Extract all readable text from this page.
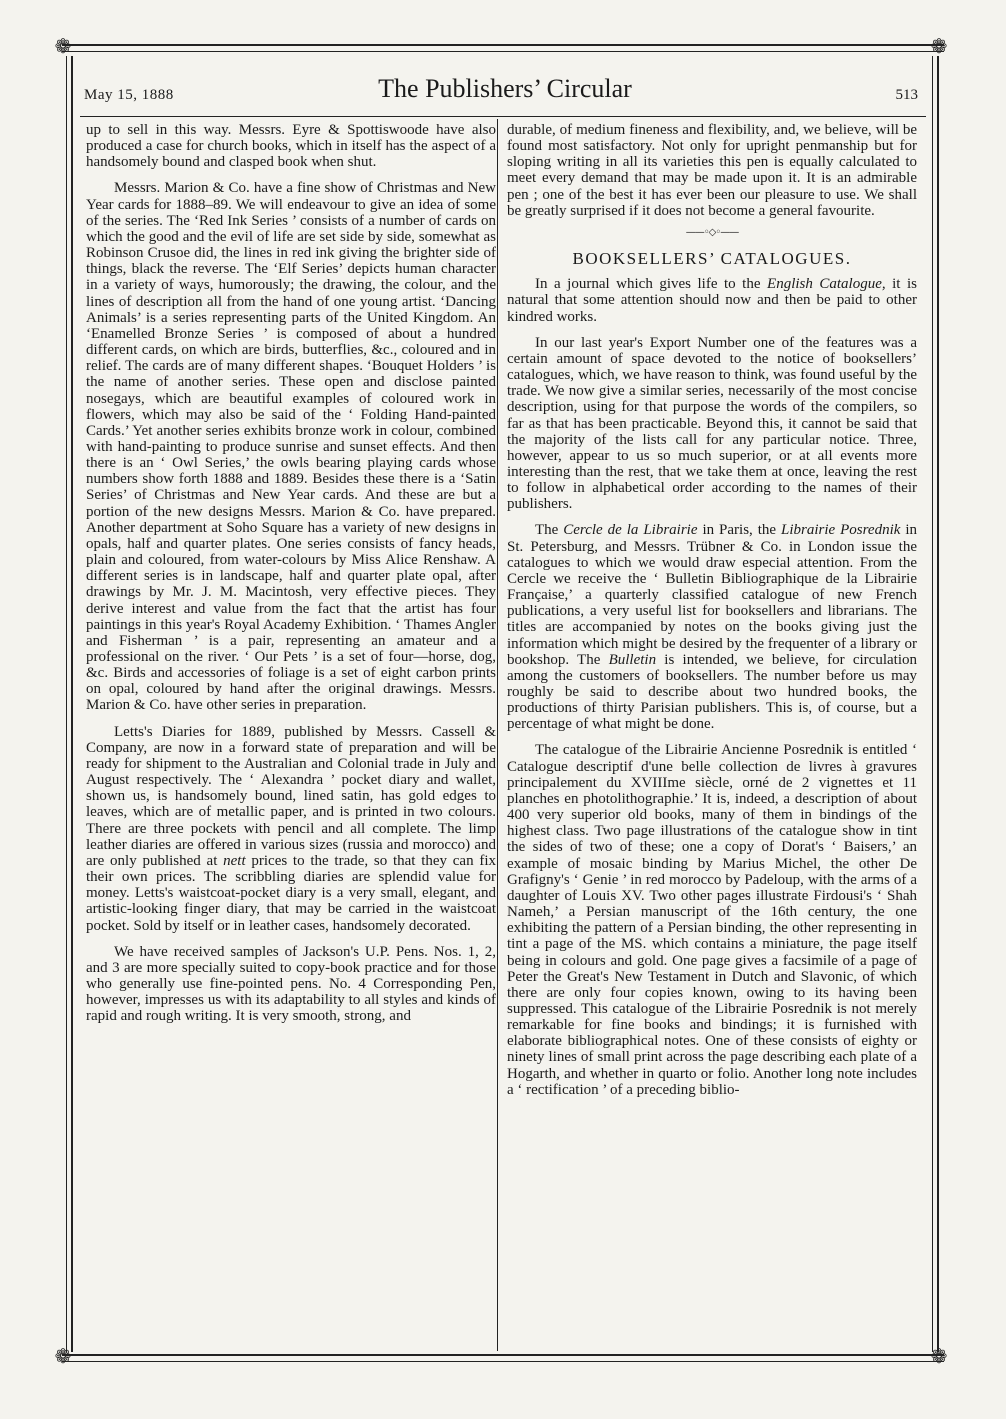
❁	❁
❁	❁
May 15, 1888	The Publishers’ Circular	513

up to sell in this way. Messrs. Eyre & Spottiswoode have also produced a case for church books, which in itself has the aspect of a handsomely bound and clasped book when shut.

Messrs. Marion & Co. have a fine show of Christmas and New Year cards for 1888–89. We will endeavour to give an idea of some of the series. The ‘Red Ink Series ’ consists of a number of cards on which the good and the evil of life are set side by side, somewhat as Robinson Crusoe did, the lines in red ink giving the brighter side of things, black the reverse. The ‘Elf Series’ depicts human character in a variety of ways, humorously; the drawing, the colour, and the lines of description all from the hand of one young artist. ‘Dancing Animals’ is a series representing parts of the United Kingdom. An ‘Enamelled Bronze Series ’ is composed of about a hundred different cards, on which are birds, butterflies, &c., coloured and in relief. The cards are of many different shapes. ‘Bouquet Holders ’ is the name of another series. These open and disclose painted nosegays, which are beautiful examples of coloured work in flowers, which may also be said of the ‘ Folding Hand-painted Cards.’ Yet another series exhibits bronze work in colour, combined with hand-painting to produce sunrise and sunset effects. And then there is an ‘ Owl Series,’ the owls bearing playing cards whose numbers show forth 1888 and 1889. Besides these there is a ‘Satin Series’ of Christmas and New Year cards. And these are but a portion of the new designs Messrs. Marion & Co. have prepared. Another department at Soho Square has a variety of new designs in opals, half and quarter plates. One series consists of fancy heads, plain and coloured, from water-colours by Miss Alice Renshaw. A different series is in landscape, half and quarter plate opal, after drawings by Mr. J. M. Macintosh, very effective pieces. They derive interest and value from the fact that the artist has four paintings in this year's Royal Academy Exhibition. ‘ Thames Angler and Fisherman ’ is a pair, representing an amateur and a professional on the river. ‘ Our Pets ’ is a set of four—horse, dog, &c. Birds and accessories of foliage is a set of eight carbon prints on opal, coloured by hand after the original drawings. Messrs. Marion & Co. have other series in preparation.

Letts's Diaries for 1889, published by Messrs. Cassell & Company, are now in a forward state of preparation and will be ready for shipment to the Australian and Colonial trade in July and August respectively. The ‘ Alexandra ’ pocket diary and wallet, shown us, is handsomely bound, lined satin, has gold edges to leaves, which are of metallic paper, and is printed in two colours. There are three pockets with pencil and all complete. The limp leather diaries are offered in various sizes (russia and morocco) and are only published at nett prices to the trade, so that they can fix their own prices. The scribbling diaries are splendid value for money. Letts's waistcoat-pocket diary is a very small, elegant, and artistic-looking finger diary, that may be carried in the waistcoat pocket. Sold by itself or in leather cases, handsomely decorated.

We have received samples of Jackson's U.P. Pens. Nos. 1, 2, and 3 are more specially suited to copy-book practice and for those who generally use fine-pointed pens. No. 4 Corresponding Pen, however, impresses us with its adaptability to all styles and kinds of rapid and rough writing. It is very smooth, strong, and

durable, of medium fineness and flexibility, and, we believe, will be found most satisfactory. Not only for upright penmanship but for sloping writing in all its varieties this pen is equally calculated to meet every demand that may be made upon it. It is an admirable pen ; one of the best it has ever been our pleasure to use. We shall be greatly surprised if it does not become a general favourite.

——◦◇◦——
BOOKSELLERS’ CATALOGUES.

In a journal which gives life to the English Catalogue, it is natural that some attention should now and then be paid to other kindred works.

In our last year's Export Number one of the features was a certain amount of space devoted to the notice of booksellers’ catalogues, which, we have reason to think, was found useful by the trade. We now give a similar series, necessarily of the most concise description, using for that purpose the words of the compilers, so far as that has been practicable. Beyond this, it cannot be said that the majority of the lists call for any particular notice. Three, however, appear to us so much superior, or at all events more interesting than the rest, that we take them at once, leaving the rest to follow in alphabetical order according to the names of their publishers.

The Cercle de la Librairie in Paris, the Librairie Posrednik in St. Petersburg, and Messrs. Trübner & Co. in London issue the catalogues to which we would draw especial attention. From the Cercle we receive the ‘ Bulletin Bibliographique de la Librairie Française,’ a quarterly classified catalogue of new French publications, a very useful list for booksellers and librarians. The titles are accompanied by notes on the books giving just the information which might be desired by the frequenter of a library or bookshop. The Bulletin is intended, we believe, for circulation among the customers of booksellers. The number before us may roughly be said to describe about two hundred books, the productions of thirty Parisian publishers. This is, of course, but a percentage of what might be done.

The catalogue of the Librairie Ancienne Posrednik is entitled ‘ Catalogue descriptif d'une belle collection de livres à gravures principalement du XVIIIme siècle, orné de 2 vignettes et 11 planches en photolithographie.’ It is, indeed, a description of about 400 very superior old books, many of them in bindings of the highest class. Two page illustrations of the catalogue show in tint the sides of two of these; one a copy of Dorat's ‘ Baisers,’ an example of mosaic binding by Marius Michel, the other De Grafigny's ‘ Genie ’ in red morocco by Padeloup, with the arms of a daughter of Louis XV. Two other pages illustrate Firdousi's ‘ Shah Nameh,’ a Persian manuscript of the 16th century, the one exhibiting the pattern of a Persian binding, the other representing in tint a page of the MS. which contains a miniature, the page itself being in colours and gold. One page gives a facsimile of a page of Peter the Great's New Testament in Dutch and Slavonic, of which there are only four copies known, owing to its having been suppressed. This catalogue of the Librairie Posrednik is not merely remarkable for fine books and bindings; it is furnished with elaborate bibliographical notes. One of these consists of eighty or ninety lines of small print across the page describing each plate of a Hogarth, and whether in quarto or folio. Another long note includes a ‘ rectification ’ of a preceding biblio-
